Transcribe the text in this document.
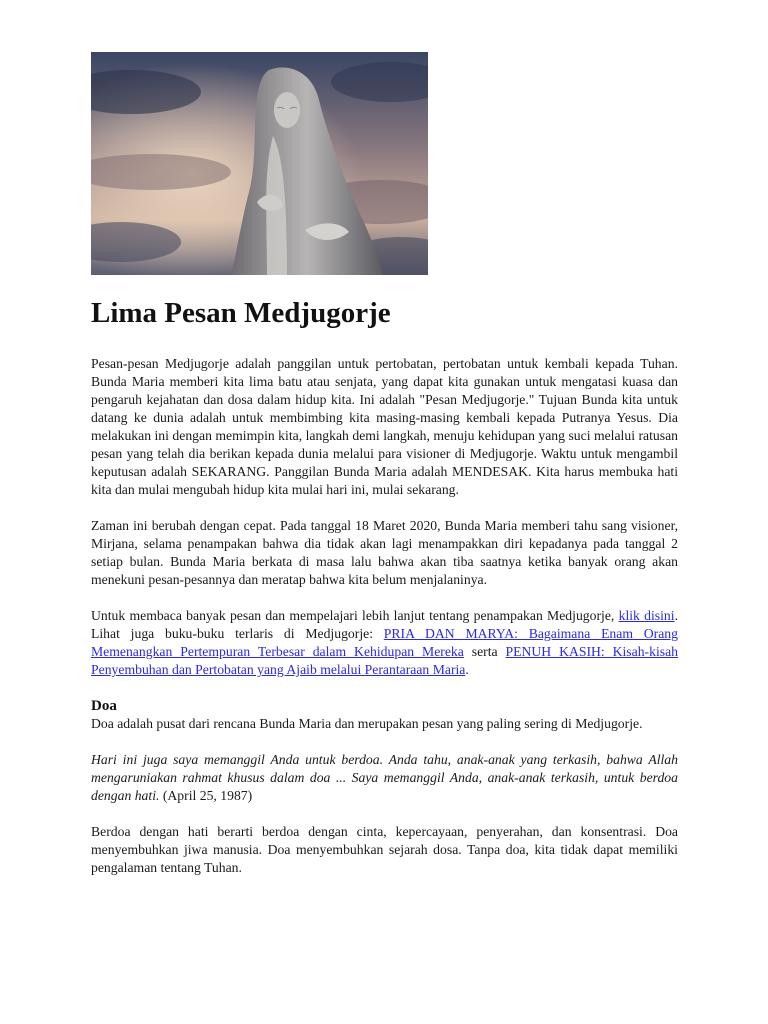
Lima Pesan Medjugorje

Pesan-pesan Medjugorje adalah panggilan untuk pertobatan, pertobatan untuk kembali kepada Tuhan. Bunda Maria memberi kita lima batu atau senjata, yang dapat kita gunakan untuk mengatasi kuasa dan pengaruh kejahatan dan dosa dalam hidup kita. Ini adalah "Pesan Medjugorje." Tujuan Bunda kita untuk datang ke dunia adalah untuk membimbing kita masing-masing kembali kepada Putranya Yesus. Dia melakukan ini dengan memimpin kita, langkah demi langkah, menuju kehidupan yang suci melalui ratusan pesan yang telah dia berikan kepada dunia melalui para visioner di Medjugorje. Waktu untuk mengambil keputusan adalah SEKARANG. Panggilan Bunda Maria adalah MENDESAK. Kita harus membuka hati kita dan mulai mengubah hidup kita mulai hari ini, mulai sekarang.

Zaman ini berubah dengan cepat. Pada tanggal 18 Maret 2020, Bunda Maria memberi tahu sang visioner, Mirjana, selama penampakan bahwa dia tidak akan lagi menampakkan diri kepadanya pada tanggal 2 setiap bulan. Bunda Maria berkata di masa lalu bahwa akan tiba saatnya ketika banyak orang akan menekuni pesan-pesannya dan meratap bahwa kita belum menjalaninya.

Untuk membaca banyak pesan dan mempelajari lebih lanjut tentang penampakan Medjugorje, klik disini. Lihat juga buku-buku terlaris di Medjugorje: PRIA DAN MARYA: Bagaimana Enam Orang Memenangkan Pertempuran Terbesar dalam Kehidupan Mereka serta PENUH KASIH: Kisah-kisah Penyembuhan dan Pertobatan yang Ajaib melalui Perantaraan Maria.

Doa

Doa adalah pusat dari rencana Bunda Maria dan merupakan pesan yang paling sering di Medjugorje.

Hari ini juga saya memanggil Anda untuk berdoa. Anda tahu, anak-anak yang terkasih, bahwa Allah mengaruniakan rahmat khusus dalam doa ... Saya memanggil Anda, anak-anak terkasih, untuk berdoa dengan hati. (April 25, 1987)

Berdoa dengan hati berarti berdoa dengan cinta, kepercayaan, penyerahan, dan konsentrasi. Doa menyembuhkan jiwa manusia. Doa menyembuhkan sejarah dosa. Tanpa doa, kita tidak dapat memiliki pengalaman tentang Tuhan.
